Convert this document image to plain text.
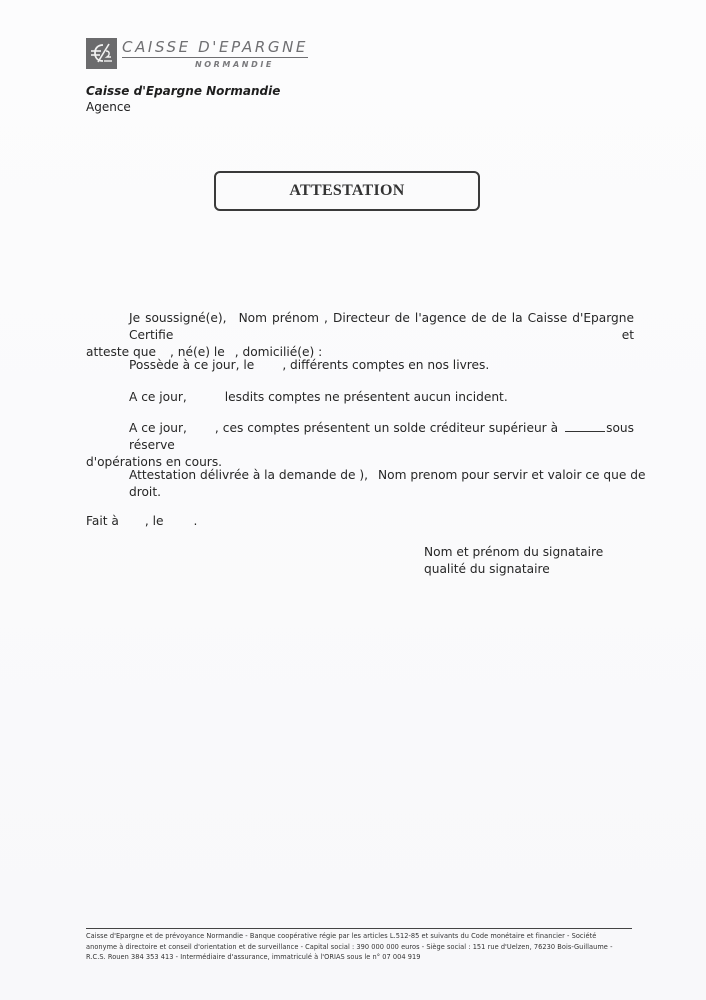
CAISSE D'EPARGNE
NORMANDIE
Caisse d'Epargne Normandie
Agence
ATTESTATION
Je soussigné(e), Nom prénom , Directeur de l'agence de de la Caisse d'Epargne Certifie et
atteste que , né(e) le , domicilié(e) :
Possède à ce jour, le , différents comptes en nos livres.
A ce jour,	lesdits comptes ne présentent aucun incident.
A ce jour, , ces comptes présentent un solde créditeur supérieur à	sous réserve
d'opérations en cours.
Attestation délivrée à la demande de ), Nom prenom pour servir et valoir ce que de droit.
Fait à , le .
Nom et prénom du signataire
qualité du signataire
Caisse d'Epargne et de prévoyance Normandie - Banque coopérative régie par les articles L.512-85 et suivants du Code monétaire et financier - Société
anonyme à directoire et conseil d'orientation et de surveillance - Capital social : 390 000 000 euros - Siège social : 151 rue d'Uelzen, 76230 Bois-Guillaume -
R.C.S. Rouen 384 353 413 - Intermédiaire d'assurance, immatriculé à l'ORIAS sous le n° 07 004 919
